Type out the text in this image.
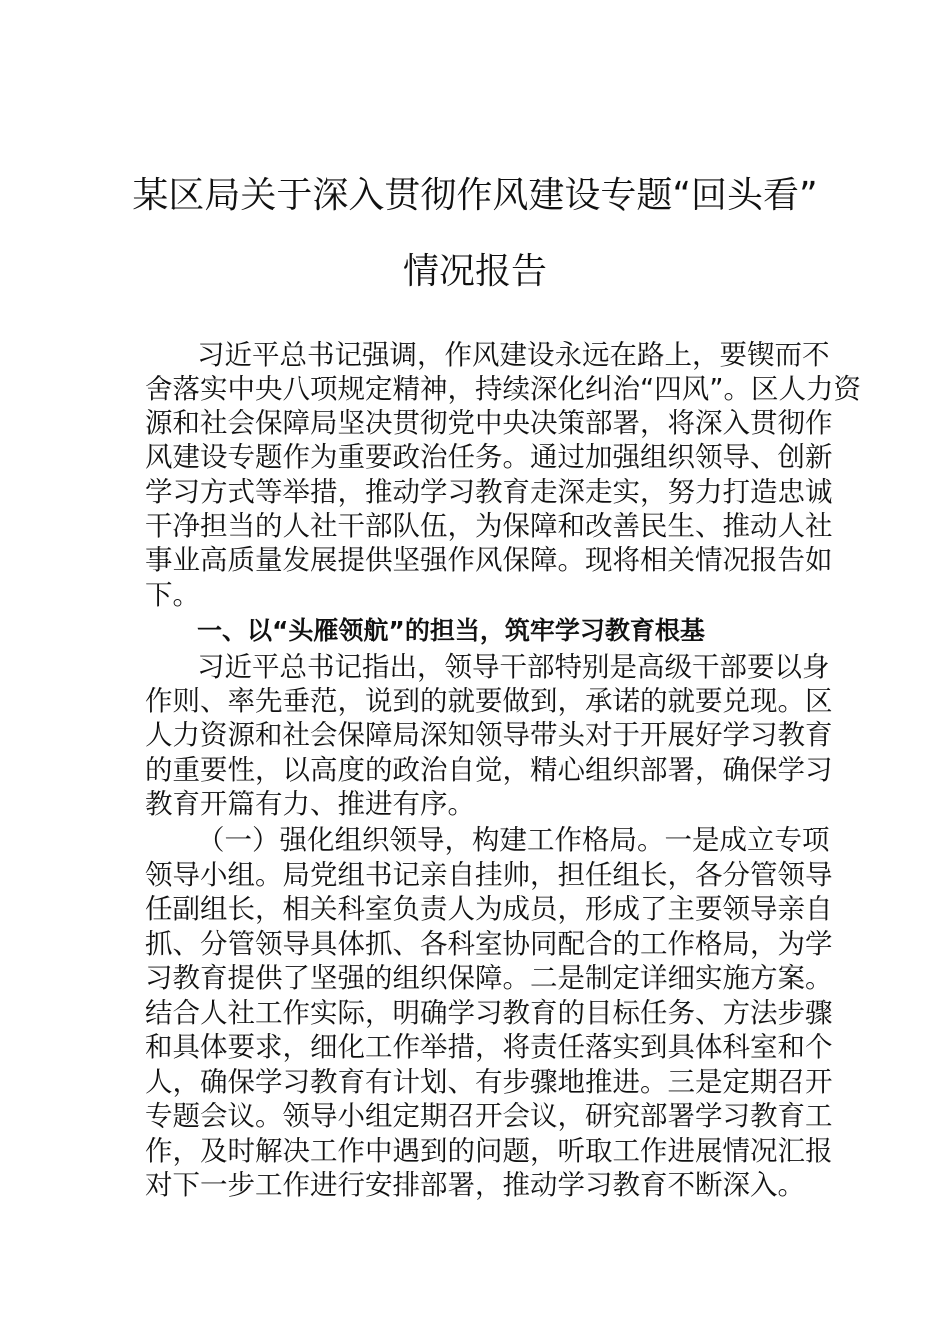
某区局关于深入贯彻作风建设专题“回头看”
情况报告
习近平总书记强调，作风建设永远在路上，要锲而不
舍落实中央八项规定精神，持续深化纠治“四风”。区人力资
源和社会保障局坚决贯彻党中央决策部署，将深入贯彻作
风建设专题作为重要政治任务。通过加强组织领导、创新
学习方式等举措，推动学习教育走深走实，努力打造忠诚
干净担当的人社干部队伍，为保障和改善民生、推动人社
事业高质量发展提供坚强作风保障。现将相关情况报告如
下。
一、以“头雁领航”的担当，筑牢学习教育根基
习近平总书记指出，领导干部特别是高级干部要以身
作则、率先垂范，说到的就要做到，承诺的就要兑现。区
人力资源和社会保障局深知领导带头对于开展好学习教育
的重要性，以高度的政治自觉，精心组织部署，确保学习
教育开篇有力、推进有序。
（一）强化组织领导，构建工作格局。一是成立专项
领导小组。局党组书记亲自挂帅，担任组长，各分管领导
任副组长，相关科室负责人为成员，形成了主要领导亲自
抓、分管领导具体抓、各科室协同配合的工作格局，为学
习教育提供了坚强的组织保障。二是制定详细实施方案。
结合人社工作实际，明确学习教育的目标任务、方法步骤
和具体要求，细化工作举措，将责任落实到具体科室和个
人，确保学习教育有计划、有步骤地推进。三是定期召开
专题会议。领导小组定期召开会议，研究部署学习教育工
作，及时解决工作中遇到的问题，听取工作进展情况汇报
对下一步工作进行安排部署，推动学习教育不断深入。
